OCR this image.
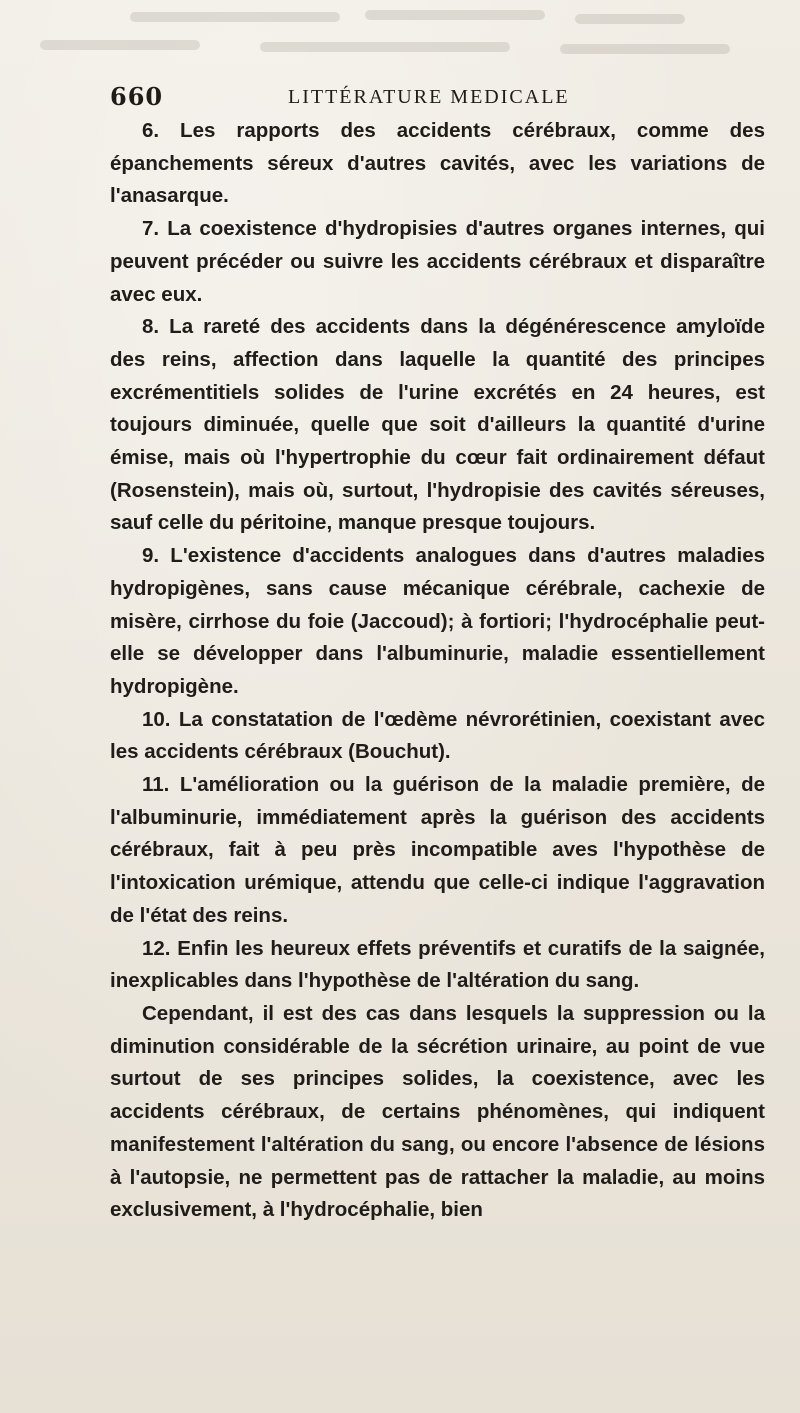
660	LITTÉRATURE MEDICALE

6. Les rapports des accidents cérébraux, comme des épanchements séreux d'autres cavités, avec les variations de l'anasarque.

7. La coexistence d'hydropisies d'autres organes internes, qui peuvent précéder ou suivre les accidents cérébraux et disparaître avec eux.

8. La rareté des accidents dans la dégénérescence amyloïde des reins, affection dans laquelle la quantité des principes excrémentitiels solides de l'urine excrétés en 24 heures, est toujours diminuée, quelle que soit d'ailleurs la quantité d'urine émise, mais où l'hypertrophie du cœur fait ordinairement défaut (Rosenstein), mais où, surtout, l'hydropisie des cavités séreuses, sauf celle du péritoine, manque presque toujours.

9. L'existence d'accidents analogues dans d'autres maladies hydropigènes, sans cause mécanique cérébrale, cachexie de misère, cirrhose du foie (Jaccoud); à fortiori; l'hydrocéphalie peut-elle se développer dans l'albuminurie, maladie essentiellement hydropigène.

10. La constatation de l'œdème névrorétinien, coexistant avec les accidents cérébraux (Bouchut).

11. L'amélioration ou la guérison de la maladie première, de l'albuminurie, immédiatement après la guérison des accidents cérébraux, fait à peu près incompatible aves l'hypothèse de l'intoxication urémique, attendu que celle-ci indique l'aggravation de l'état des reins.

12. Enfin les heureux effets préventifs et curatifs de la saignée, inexplicables dans l'hypothèse de l'altération du sang.

Cependant, il est des cas dans lesquels la suppression ou la diminution considérable de la sécrétion urinaire, au point de vue surtout de ses principes solides, la coexistence, avec les accidents cérébraux, de certains phénomènes, qui indiquent manifestement l'altération du sang, ou encore l'absence de lésions à l'autopsie, ne permettent pas de rattacher la maladie, au moins exclusivement, à l'hydrocéphalie, bien
